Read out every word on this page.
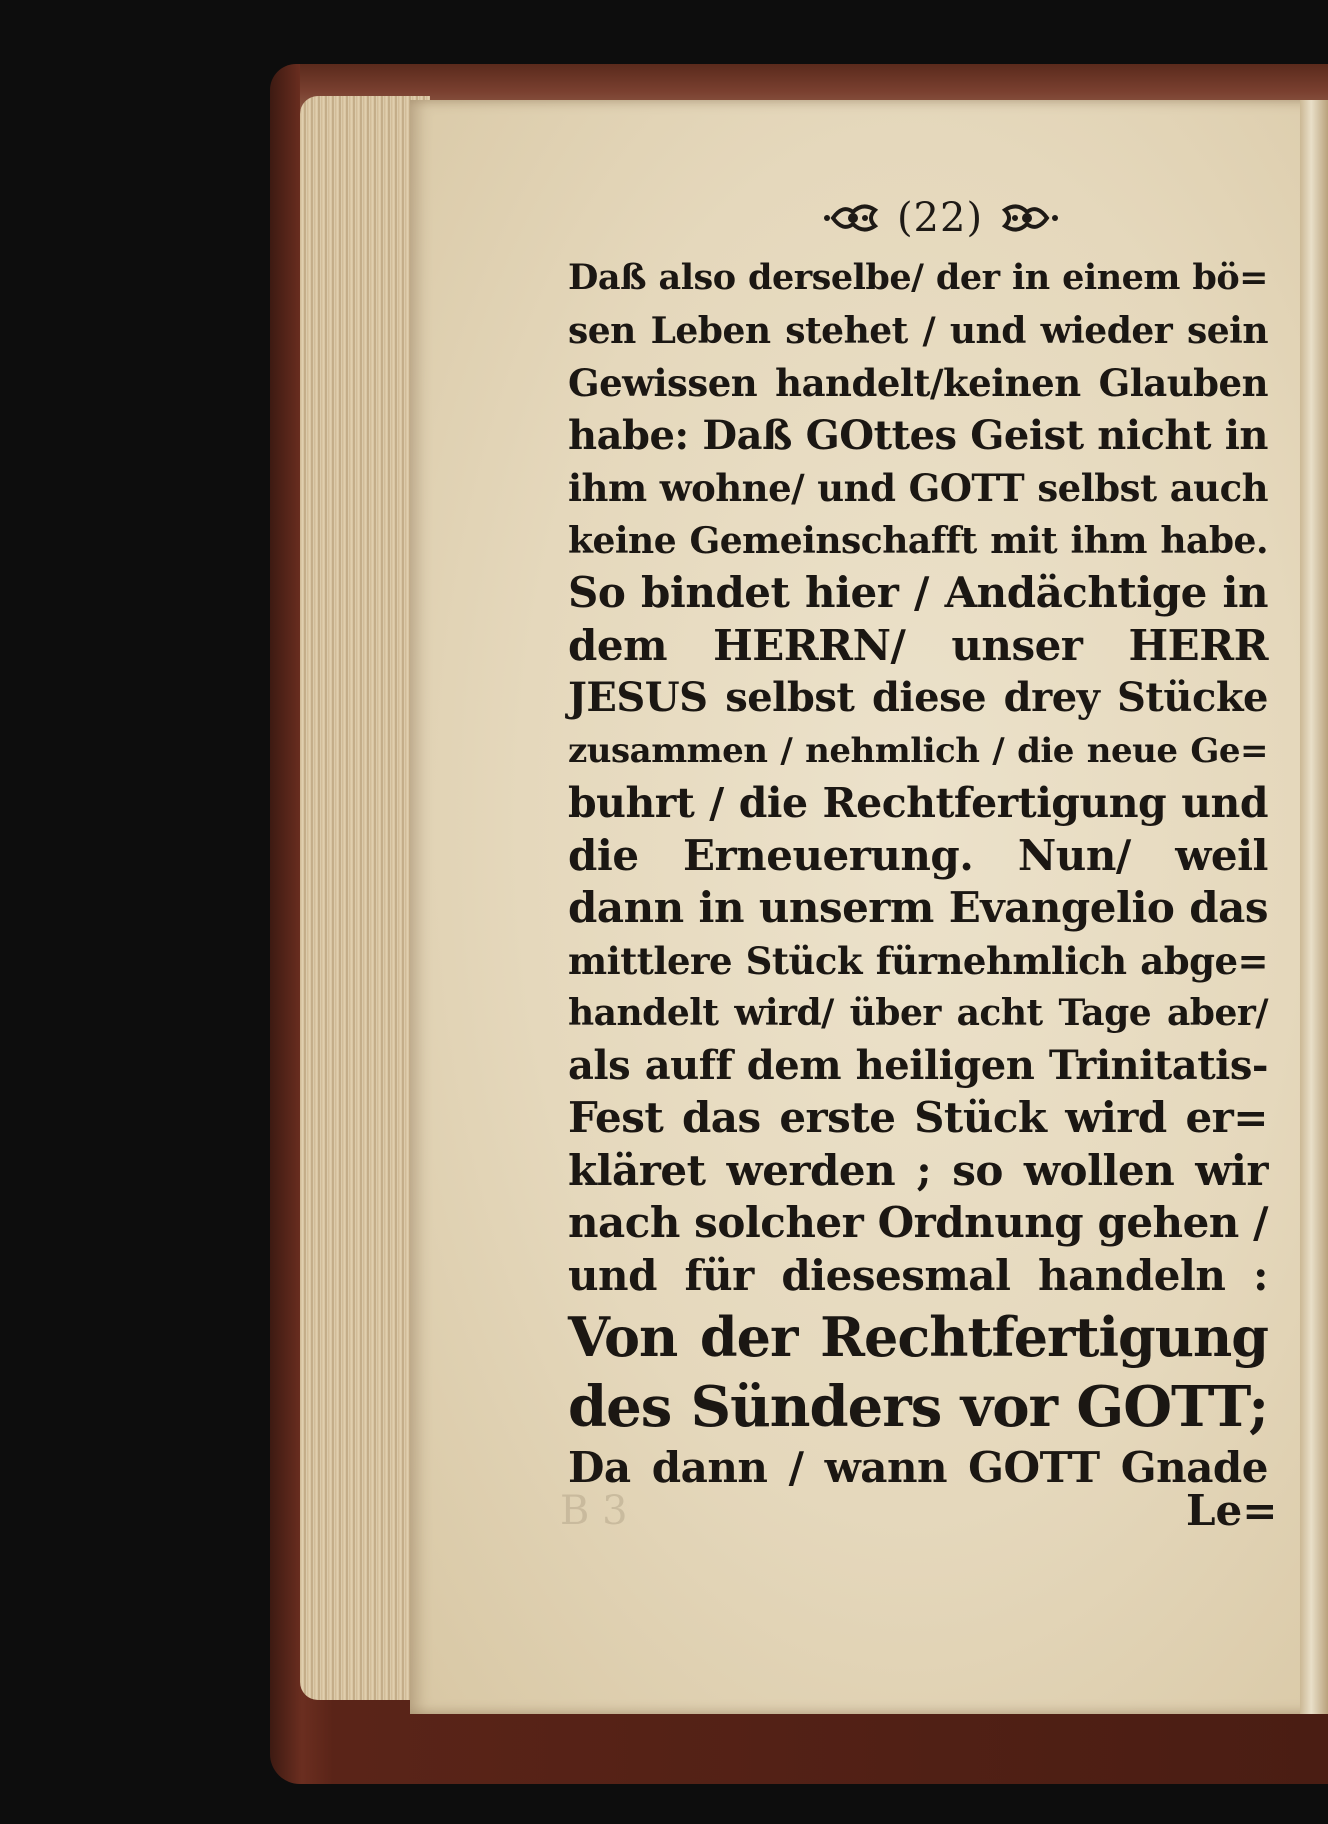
(22)
Daß also derselbe/ der in einem bö=
sen Leben stehet / und wieder sein
Gewissen handelt/keinen Glauben
habe: Daß GOttes Geist nicht in
ihm wohne/ und GOTT selbst auch
keine Gemeinschafft mit ihm habe.
So bindet hier / Andächtige in
dem HERRN/ unser HERR
JESUS selbst diese drey Stücke
zusammen / nehmlich / die neue Ge=
buhrt / die Rechtfertigung und
die Erneuerung. Nun/ weil
dann in unserm Evangelio das
mittlere Stück fürnehmlich abge=
handelt wird/ über acht Tage aber/
als auff dem heiligen Trinitatis-
Fest das erste Stück wird er=
kläret werden ; so wollen wir
nach solcher Ordnung gehen /
und für diesesmal handeln :
Von der Rechtfertigung
des Sünders vor GOTT;
Da dann / wann GOTT Gnade
B 3	Le=
